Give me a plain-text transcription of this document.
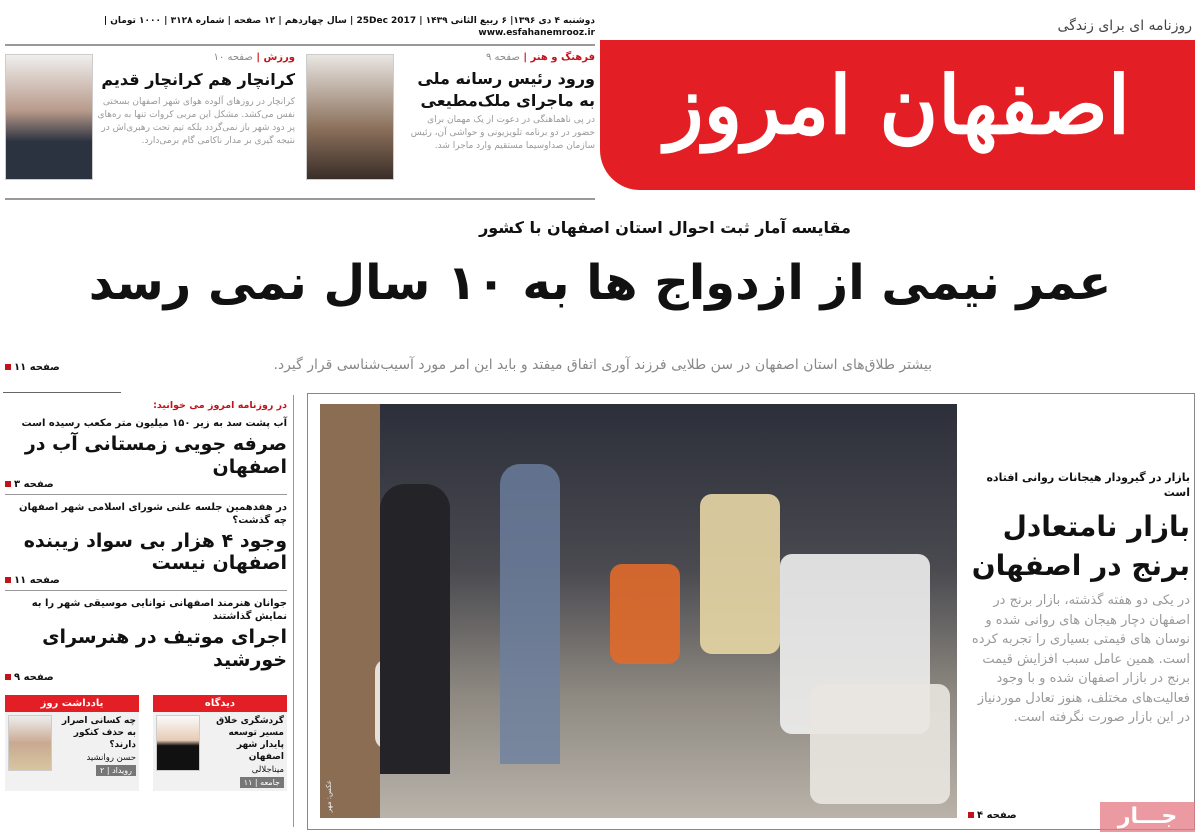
اصفهان امروز
روزنامه ای برای زندگی
دوشنبه ۴ دی ۱۳۹۶| ۶ ربیع الثانی ۱۴۳۹ | 25Dec 2017 | سال چهاردهم | ۱۲ صفحه | شماره ۳۱۲۸ | ۱۰۰۰ تومان | www.esfahanemrooz.ir
فرهنگ و هنر | صفحه ۹
ورود رئیس رسانه ملی به ماجرای ملک‌مطیعی
در پی ناهماهنگی در دعوت از یک مهمان برای حضور در دو برنامه تلویزیونی و حواشی آن، رئیس سازمان صداوسیما مستقیم وارد ماجرا شد.
ورزش | صفحه ۱۰
کرانچار هم کرانچار قدیم
کرانچار در روزهای آلوده هوای شهر اصفهان بسختی نفس می‌کشد. مشکل این مربی کروات تنها به ره‌های پر دود شهر باز نمی‌گردد بلکه تیم تحت رهبری‌اش در نتیجه گیری بر مدار ناکامی گام برمی‌دارد.
مقایسه آمار ثبت احوال استان اصفهان با کشور
عمر نیمی از ازدواج ها به ۱۰ سال نمی رسد
بیشتر طلاق‌های استان اصفهان در سن طلایی فرزند آوری اتفاق میفتد و باید این امر مورد آسیب‌شناسی قرار گیرد.
صفحه ۱۱
در روزنامه امروز می خوانید:
آب پشت سد به زیر ۱۵۰ میلیون متر مکعب رسیده است
صرفه جویی زمستانی آب در اصفهان
صفحه ۳
در هفدهمین جلسه علنی شورای اسلامی شهر اصفهان چه گذشت؟
وجود ۴ هزار بی سواد زیبنده اصفهان نیست
صفحه ۱۱
جوانان هنرمند اصفهانی توانایی موسیقی شهر را به نمایش گذاشتند
اجرای موتیف در هنرسرای خورشید
صفحه ۹
یادداشت روز
چه کسانی اصرار به حذف کنکور دارند؟
حسن روانشید
رویداد | ۲
دیدگاه
گردشگری خلاق مسیر توسعه پایدار شهر اصفهان
میناجلالی
جامعه | ۱۱	عکس: مهر
بازار در گیرودار هیجانات روانی افتاده است
بازار نامتعادل برنج در اصفهان
در یکی دو هفته گذشته، بازار برنج در اصفهان دچار هیجان های روانی شده و نوسان های قیمتی بسیاری را تجربه کرده است. همین عامل سبب افزایش قیمت برنج در بازار اصفهان شده و با وجود فعالیت‌های مختلف، هنوز تعادل موردنیاز در این بازار صورت نگرفته است.
صفحه ۴	جـــار
